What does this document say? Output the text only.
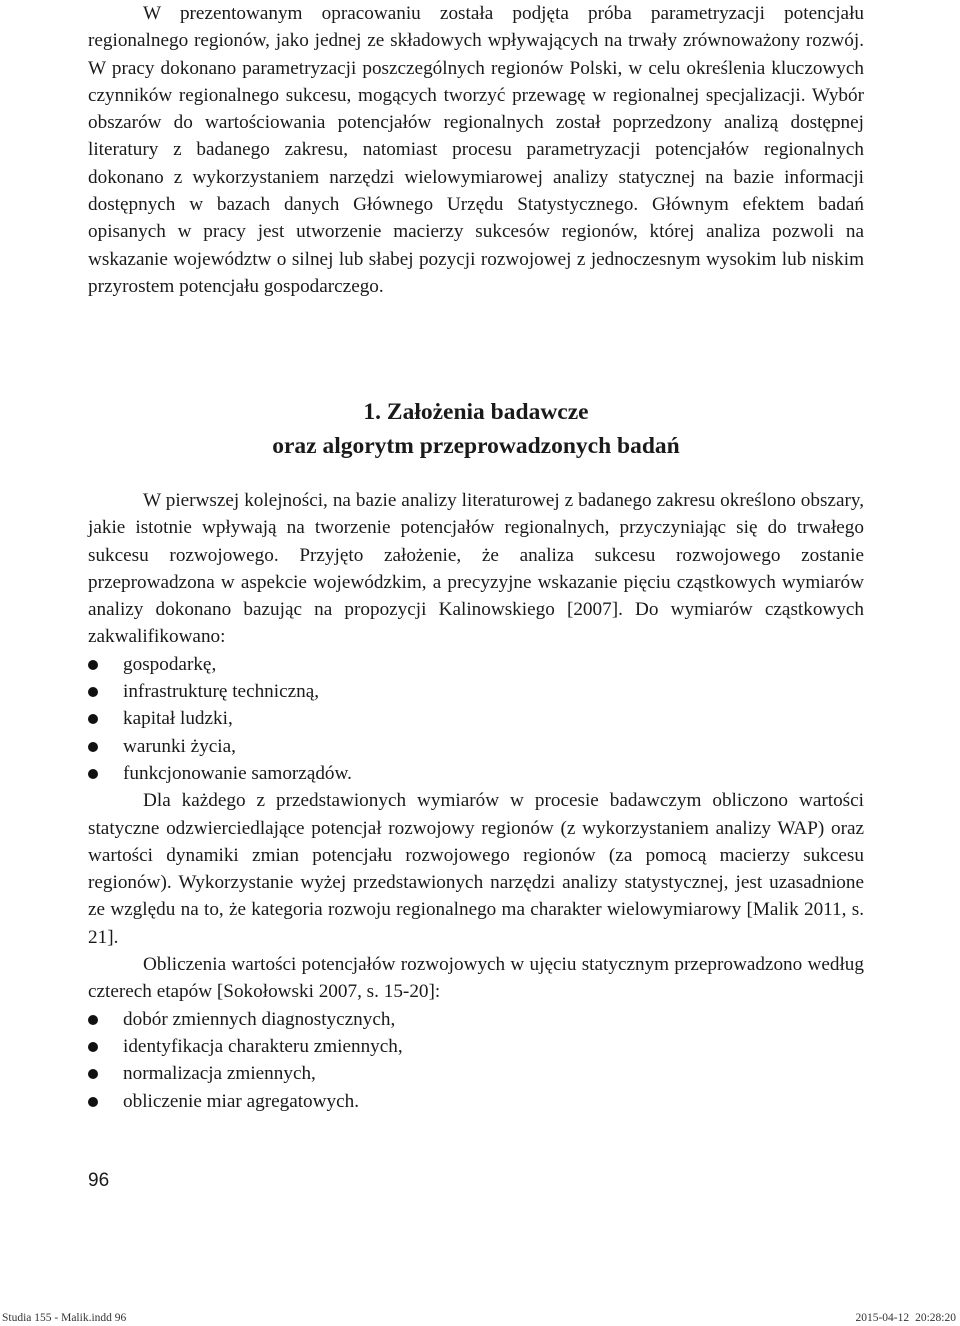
W prezentowanym opracowaniu została podjęta próba parametryzacji potencjału regionalnego regionów, jako jednej ze składowych wpływających na trwały zrównoważony rozwój. W pracy dokonano parametryzacji poszczególnych regionów Polski, w celu określenia kluczowych czynników regionalnego sukcesu, mogących tworzyć przewagę w regionalnej specjalizacji. Wybór obszarów do wartościowania potencjałów regionalnych został poprzedzony analizą dostępnej literatury z badanego zakresu, natomiast procesu parametryzacji potencjałów regionalnych dokonano z wykorzystaniem narzędzi wielowymiarowej analizy statycznej na bazie informacji dostępnych w bazach danych Głównego Urzędu Statystycznego. Głównym efektem badań opisanych w pracy jest utworzenie macierzy sukcesów regionów, której analiza pozwoli na wskazanie województw o silnej lub słabej pozycji rozwojowej z jednoczesnym wysokim lub niskim przyrostem potencjału gospodarczego.

1. Założenia badawcze
oraz algorytm przeprowadzonych badań

W pierwszej kolejności, na bazie analizy literaturowej z badanego zakresu określono obszary, jakie istotnie wpływają na tworzenie potencjałów regionalnych, przyczyniając się do trwałego sukcesu rozwojowego. Przyjęto założenie, że analiza sukcesu rozwojowego zostanie przeprowadzona w aspekcie wojewódzkim, a precyzyjne wskazanie pięciu cząstkowych wymiarów analizy dokonano bazując na propozycji Kalinowskiego [2007]. Do wymiarów cząstkowych zakwalifikowano:

gospodarkę,
infrastrukturę techniczną,
kapitał ludzki,
warunki życia,
funkcjonowanie samorządów.

Dla każdego z przedstawionych wymiarów w procesie badawczym obliczono wartości statyczne odzwierciedlające potencjał rozwojowy regionów (z wykorzystaniem analizy WAP) oraz wartości dynamiki zmian potencjału rozwojowego regionów (za pomocą macierzy sukcesu regionów). Wykorzystanie wyżej przedstawionych narzędzi analizy statystycznej, jest uzasadnione ze względu na to, że kategoria rozwoju regionalnego ma charakter wielowymiarowy [Malik 2011, s. 21].

Obliczenia wartości potencjałów rozwojowych w ujęciu statycznym przeprowadzono według czterech etapów [Sokołowski 2007, s. 15-20]:

dobór zmiennych diagnostycznych,
identyfikacja charakteru zmiennych,
normalizacja zmiennych,
obliczenie miar agregatowych.
96
Studia 155 - Malik.indd 96	2015-04-12 20:28:20
